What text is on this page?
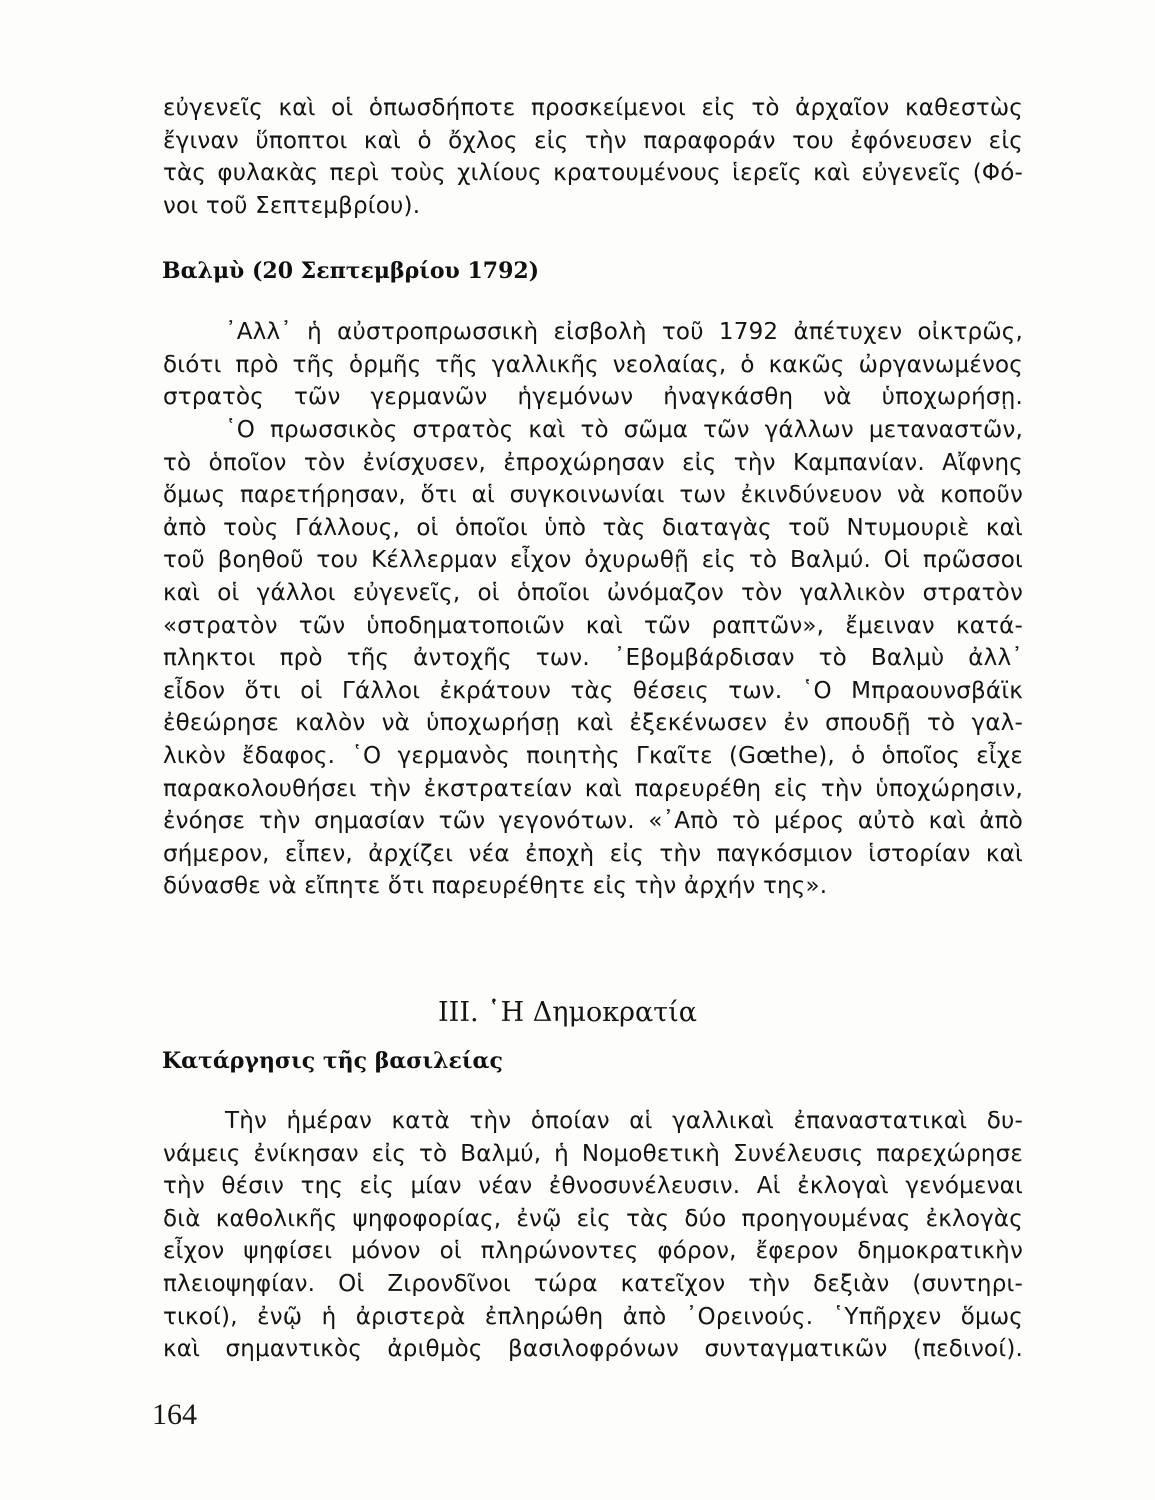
εὐγενεῖς καὶ οἱ ὁπωσδήποτε προσκείμενοι εἰς τὸ ἀρχαῖον καθεστὼς
ἔγιναν ὕποπτοι καὶ ὁ ὄχλος εἰς τὴν παραφοράν του ἐφόνευσεν εἰς
τὰς φυλακὰς περὶ τοὺς χιλίους κρατουμένους ἱερεῖς καὶ εὐγενεῖς (Φό-
νοι τοῦ Σεπτεμβρίου).
Βαλμὺ (20 Σεπτεμβρίου 1792)
᾿Αλλ᾿ ἡ αὐστροπρωσσικὴ εἰσβολὴ τοῦ 1792 ἀπέτυχεν οἰκτρῶς,
διότι πρὸ τῆς ὁρμῆς τῆς γαλλικῆς νεολαίας, ὁ κακῶς ὠργανωμένος
στρατὸς τῶν γερμανῶν ἡγεμόνων ἠναγκάσθη νὰ ὑποχωρήσῃ.
῾Ο πρωσσικὸς στρατὸς καὶ τὸ σῶμα τῶν γάλλων μεταναστῶν,
τὸ ὁποῖον τὸν ἐνίσχυσεν, ἐπροχώρησαν εἰς τὴν Καμπανίαν. Αἴφνης
ὅμως παρετήρησαν, ὅτι αἱ συγκοινωνίαι των ἐκινδύνευον νὰ κοποῦν
ἀπὸ τοὺς Γάλλους, οἱ ὁποῖοι ὑπὸ τὰς διαταγὰς τοῦ Ντυμουριὲ καὶ
τοῦ βοηθοῦ του Κέλλερμαν εἶχον ὀχυρωθῇ εἰς τὸ Βαλμύ. Οἱ πρῶσσοι
καὶ οἱ γάλλοι εὐγενεῖς, οἱ ὁποῖοι ὠνόμαζον τὸν γαλλικὸν στρατὸν
«στρατὸν τῶν ὑποδηματοποιῶν καὶ τῶν ραπτῶν», ἔμειναν κατά-
πληκτοι πρὸ τῆς ἀντοχῆς των. ᾿Εβομβάρδισαν τὸ Βαλμὺ ἀλλ᾿
εἶδον ὅτι οἱ Γάλλοι ἐκράτουν τὰς θέσεις των. ῾Ο Μπραουνσβάϊκ
ἐθεώρησε καλὸν νὰ ὑποχωρήσῃ καὶ ἐξεκένωσεν ἐν σπουδῇ τὸ γαλ-
λικὸν ἔδαφος. ῾Ο γερμανὸς ποιητὴς Γκαῖτε (Gœthe), ὁ ὁποῖος εἶχε
παρακολουθήσει τὴν ἐκστρατείαν καὶ παρευρέθη εἰς τὴν ὑποχώρησιν,
ἐνόησε τὴν σημασίαν τῶν γεγονότων. «᾿Απὸ τὸ μέρος αὐτὸ καὶ ἀπὸ
σήμερον, εἶπεν, ἀρχίζει νέα ἐποχὴ εἰς τὴν παγκόσμιον ἱστορίαν καὶ
δύνασθε νὰ εἴπητε ὅτι παρευρέθητε εἰς τὴν ἀρχήν της».
III. ῾Η Δημοκρατία
Κατάργησις τῆς βασιλείας
Τὴν ἡμέραν κατὰ τὴν ὁποίαν αἱ γαλλικαὶ ἐπαναστατικαὶ δυ-
νάμεις ἐνίκησαν εἰς τὸ Βαλμύ, ἡ Νομοθετικὴ Συνέλευσις παρεχώρησε
τὴν θέσιν της εἰς μίαν νέαν ἐθνοσυνέλευσιν. Αἱ ἐκλογαὶ γενόμεναι
διὰ καθολικῆς ψηφοφορίας, ἐνῷ εἰς τὰς δύο προηγουμένας ἐκλογὰς
εἶχον ψηφίσει μόνον οἱ πληρώνοντες φόρον, ἔφερον δημοκρατικὴν
πλειοψηφίαν. Οἱ Ζιρονδῖνοι τώρα κατεῖχον τὴν δεξιὰν (συντηρι-
τικοί), ἐνῷ ἡ ἀριστερὰ ἐπληρώθη ἀπὸ ᾿Ορεινούς. ῾Υπῆρχεν ὅμως
καὶ σημαντικὸς ἀριθμὸς βασιλοφρόνων συνταγματικῶν (πεδινοί).
164
